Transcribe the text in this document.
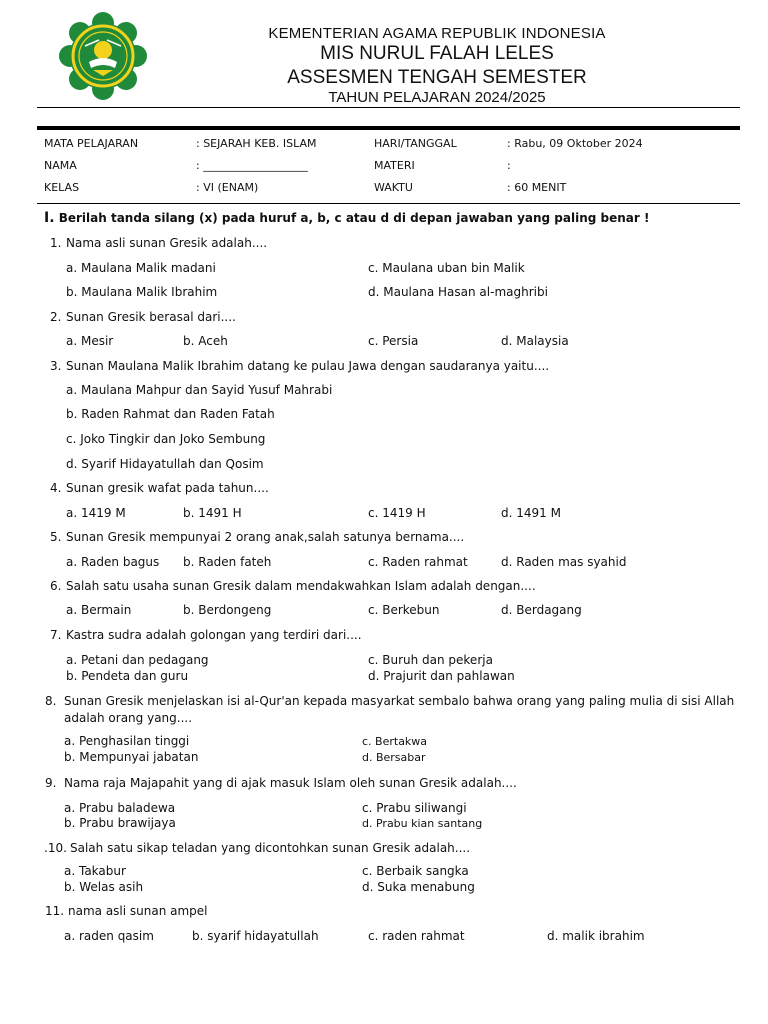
KEMENTERIAN AGAMA REPUBLIK INDONESIA
MIS NURUL FALAH LELES
ASSESMEN TENGAH SEMESTER
TAHUN PELAJARAN 2024/2025
MATA PELAJARAN	: SEJARAH KEB. ISLAM	HARI/TANGGAL	: Rabu, 09 Oktober 2024
NAMA	: ___________________	MATERI	:
KELAS	: VI (ENAM)	WAKTU	: 60 MENIT
I. Berilah tanda silang (x) pada huruf a, b, c atau d di depan jawaban yang paling benar !
1. Nama asli sunan Gresik adalah....
a. Maulana Malik madani	c. Maulana uban bin Malik
b. Maulana Malik Ibrahim	d. Maulana Hasan al-maghribi
2. Sunan Gresik berasal dari....
a. Mesir	b. Aceh	c. Persia	d. Malaysia
3. Sunan Maulana Malik Ibrahim datang ke pulau Jawa dengan saudaranya yaitu....
a. Maulana Mahpur dan Sayid Yusuf Mahrabi
b. Raden Rahmat dan Raden Fatah
c. Joko Tingkir dan Joko Sembung
d. Syarif Hidayatullah dan Qosim
4. Sunan gresik wafat pada tahun....
a. 1419 M	b. 1491 H	c. 1419 H	d. 1491 M
5. Sunan Gresik mempunyai 2 orang anak,salah satunya bernama....
a. Raden bagus b. Raden fateh	c. Raden rahmat	d. Raden mas syahid
6. Salah satu usaha sunan Gresik dalam mendakwahkan Islam adalah dengan....
a. Bermain	b. Berdongeng	c. Berkebun	d. Berdagang
7. Kastra sudra adalah golongan yang terdiri dari....
a. Petani dan pedagang	c. Buruh dan pekerja
b. Pendeta dan guru	d. Prajurit dan pahlawan
8. Sunan Gresik menjelaskan isi al-Qur'an kepada masyarkat sembalo bahwa orang yang paling mulia di sisi Allah
adalah orang yang....
a. Penghasilan tinggi	c. Bertakwa
b. Mempunyai jabatan	d. Bersabar
9. Nama raja Majapahit yang di ajak masuk Islam oleh sunan Gresik adalah....
a. Prabu baladewa	c. Prabu siliwangi
b. Prabu brawijaya	d. Prabu kian santang
.10. Salah satu sikap teladan yang dicontohkan sunan Gresik adalah....
a. Takabur	c. Berbaik sangka
b. Welas asih	d. Suka menabung
11. nama asli sunan ampel
a. raden qasim	b. syarif hidayatullah	c. raden rahmat	d. malik ibrahim
